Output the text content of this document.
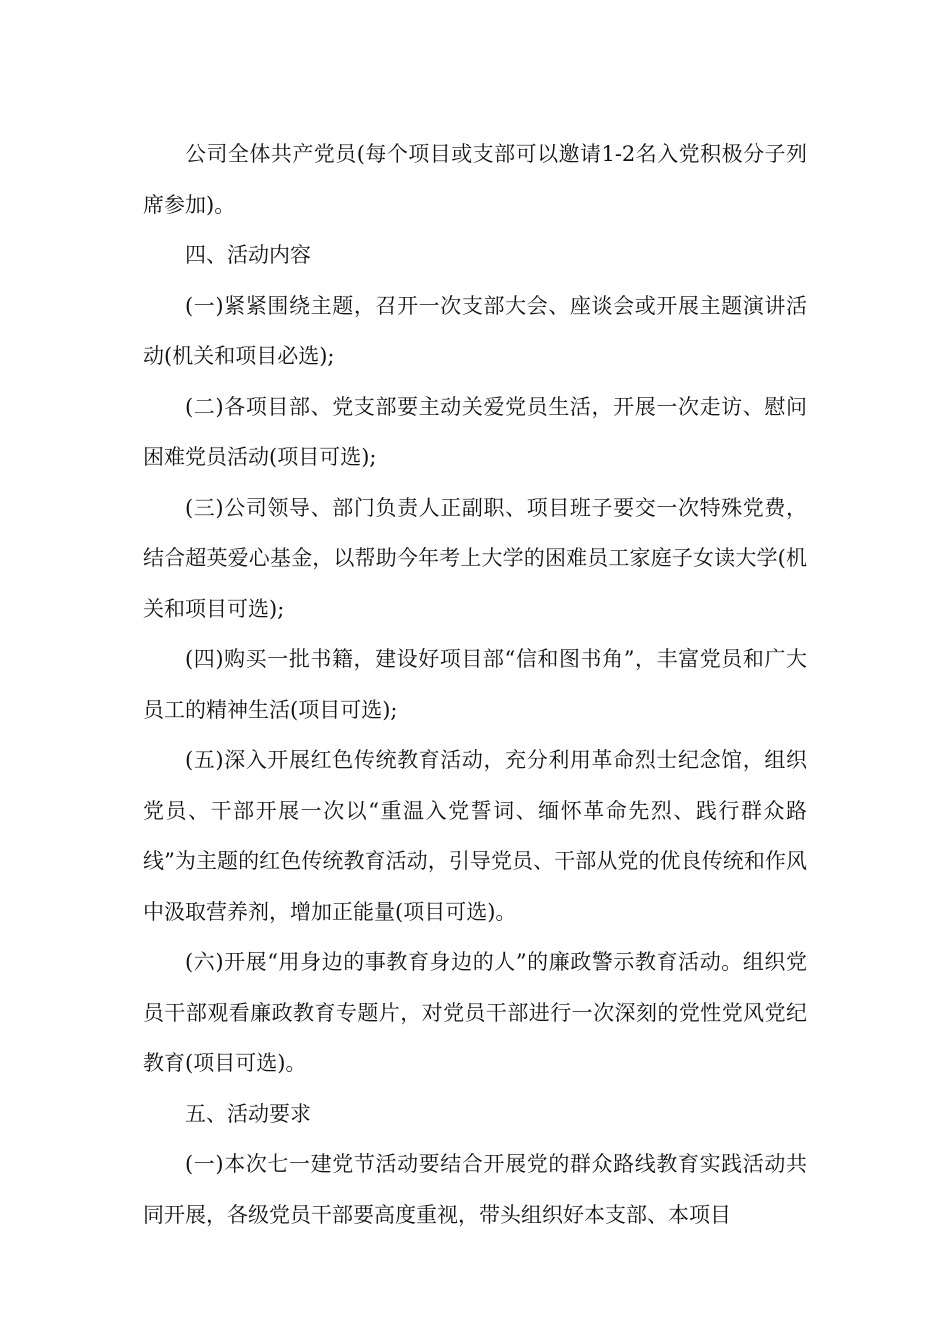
公司全体共产党员(每个项目或支部可以邀请1-2名入党积极分子列席参加)。

四、活动内容

(一)紧紧围绕主题，召开一次支部大会、座谈会或开展主题演讲活动(机关和项目必选);

(二)各项目部、党支部要主动关爱党员生活，开展一次走访、慰问困难党员活动(项目可选);

(三)公司领导、部门负责人正副职、项目班子要交一次特殊党费，结合超英爱心基金，以帮助今年考上大学的困难员工家庭子女读大学(机关和项目可选);

(四)购买一批书籍，建设好项目部“信和图书角”，丰富党员和广大员工的精神生活(项目可选);

(五)深入开展红色传统教育活动，充分利用革命烈士纪念馆，组织党员、干部开展一次以“重温入党誓词、缅怀革命先烈、践行群众路线”为主题的红色传统教育活动，引导党员、干部从党的优良传统和作风中汲取营养剂，增加正能量(项目可选)。

(六)开展“用身边的事教育身边的人”的廉政警示教育活动。组织党员干部观看廉政教育专题片，对党员干部进行一次深刻的党性党风党纪教育(项目可选)。

五、活动要求

(一)本次七一建党节活动要结合开展党的群众路线教育实践活动共同开展，各级党员干部要高度重视，带头组织好本支部、本项目
